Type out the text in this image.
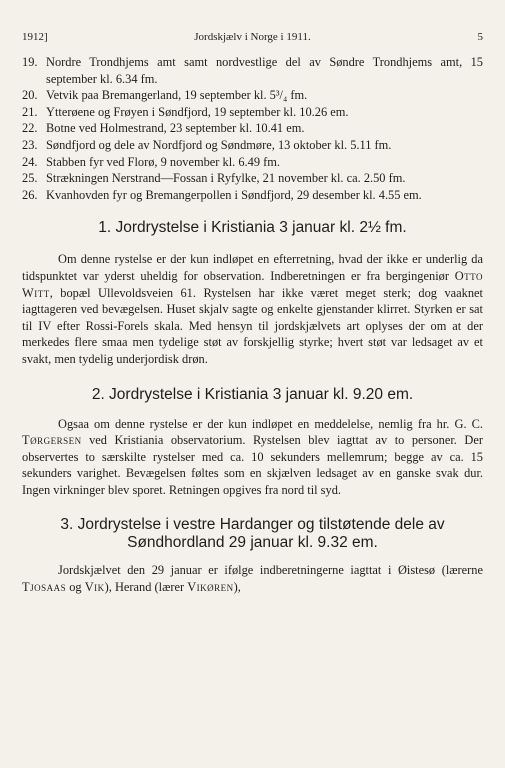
1912]	Jordskjælv i Norge i 1911.	5
19. Nordre Trondhjems amt samt nordvestlige del av Søndre Trondhjems amt, 15 september kl. 6.34 fm.
20. Vetvik paa Bremangerland, 19 september kl. 5³/₄ fm.
21. Ytterøene og Frøyen i Søndfjord, 19 september kl. 10.26 em.
22. Botne ved Holmestrand, 23 september kl. 10.41 em.
23. Søndfjord og dele av Nordfjord og Søndmøre, 13 oktober kl. 5.11 fm.
24. Stabben fyr ved Florø, 9 november kl. 6.49 fm.
25. Strækningen Nerstrand—Fossan i Ryfylke, 21 november kl. ca. 2.50 fm.
26. Kvanhovden fyr og Bremangerpollen i Søndfjord, 29 desember kl. 4.55 em.
1. Jordrystelse i Kristiania 3 januar kl. 2½ fm.

Om denne rystelse er der kun indløpet en efterretning, hvad der ikke er underlig da tidspunktet var yderst uheldig for observation. Indberetningen er fra bergingeniør Otto Witt, bopæl Ullevoldsveien 61. Rystelsen har ikke været meget sterk; dog vaaknet iagttageren ved bevægelsen. Huset skjalv sagte og enkelte gjenstander klirret. Styrken er sat til IV efter Rossi-Forels skala. Med hensyn til jordskjælvets art oplyses der om at der merkedes flere smaa men tydelige støt av forskjellig styrke; hvert støt var ledsaget av et svakt, men tydelig underjordisk drøn.

2. Jordrystelse i Kristiania 3 januar kl. 9.20 em.

Ogsaa om denne rystelse er der kun indløpet en meddelelse, nemlig fra hr. G. C. Tørgersen ved Kristiania observatorium. Rystelsen blev iagttat av to personer. Der observertes to særskilte rystelser med ca. 10 sekunders mellemrum; begge av ca. 15 sekunders varighet. Bevægelsen føltes som en skjælven ledsaget av en ganske svak dur. Ingen virkninger blev sporet. Retningen opgives fra nord til syd.

3. Jordrystelse i vestre Hardanger og tilstøtende dele av Søndhordland 29 januar kl. 9.32 em.

Jordskjælvet den 29 januar er ifølge indberetningerne iagttat i Øistesø (lærerne Tjosaas og Vik), Herand (lærer Vikøren),
